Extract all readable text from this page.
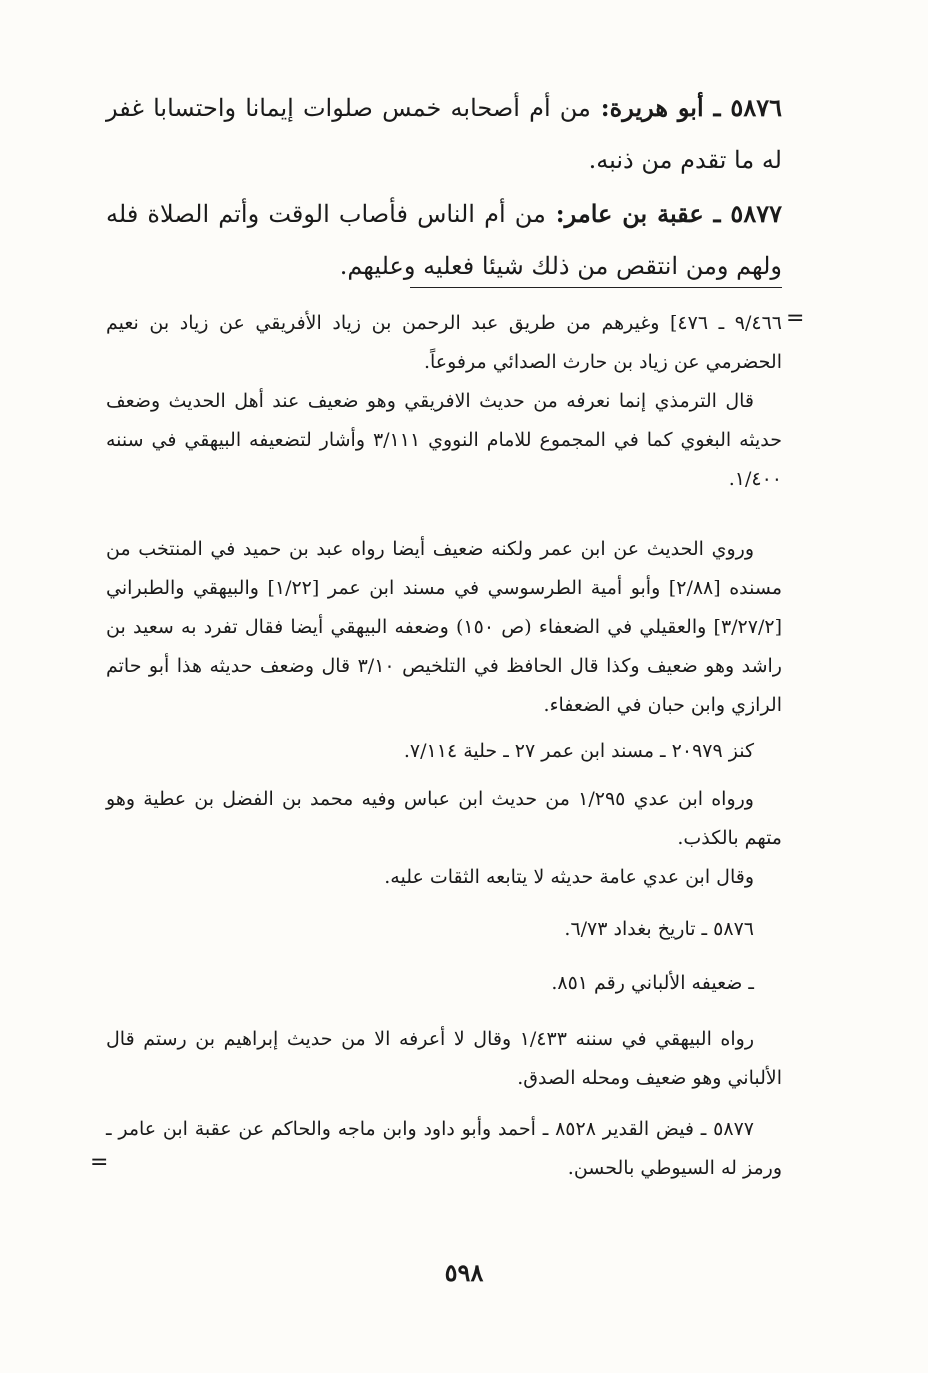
٥٨٧٦ ـ أبو هريرة: من أم أصحابه خمس صلوات إيمانا واحتسابا غفر له ما تقدم من ذنبه.
٥٨٧٧ ـ عقبة بن عامر: من أم الناس فأصاب الوقت وأتم الصلاة فله ولهم ومن انتقص من ذلك شيئا فعليه وعليهم.
=
٩/٤٦٦ ـ ٤٧٦] وغيرهم من طريق عبد الرحمن بن زياد الأفريقي عن زياد بن نعيم الحضرمي عن زياد بن حارث الصدائي مرفوعاً.
قال الترمذي إنما نعرفه من حديث الافريقي وهو ضعيف عند أهل الحديث وضعف حديثه البغوي كما في المجموع للامام النووي ٣/١١١ وأشار لتضعيفه البيهقي في سننه ١/٤٠٠.
وروي الحديث عن ابن عمر ولكنه ضعيف أيضا رواه عبد بن حميد في المنتخب من مسنده [٢/٨٨] وأبو أمية الطرسوسي في مسند ابن عمر [١/٢٢] والبيهقي والطبراني [٣/٢٧/٢] والعقيلي في الضعفاء (ص ١٥٠) وضعفه البيهقي أيضا فقال تفرد به سعيد بن راشد وهو ضعيف وكذا قال الحافظ في التلخيص ٣/١٠ قال وضعف حديثه هذا أبو حاتم الرازي وابن حبان في الضعفاء.
كنز ٢٠٩٧٩ ـ مسند ابن عمر ٢٧ ـ حلية ٧/١١٤.
ورواه ابن عدي ١/٢٩٥ من حديث ابن عباس وفيه محمد بن الفضل بن عطية وهو متهم بالكذب.
وقال ابن عدي عامة حديثه لا يتابعه الثقات عليه.
٥٨٧٦ ـ تاريخ بغداد ٦/٧٣.
ـ ضعيفه الألباني رقم ٨٥١.
رواه البيهقي في سننه ١/٤٣٣ وقال لا أعرفه الا من حديث إبراهيم بن رستم قال الألباني وهو ضعيف ومحله الصدق.
٥٨٧٧ ـ فيض القدير ٨٥٢٨ ـ أحمد وأبو داود وابن ماجه والحاكم عن عقبة ابن عامر ـ ورمز له السيوطي بالحسن.
=
٥٩٨
